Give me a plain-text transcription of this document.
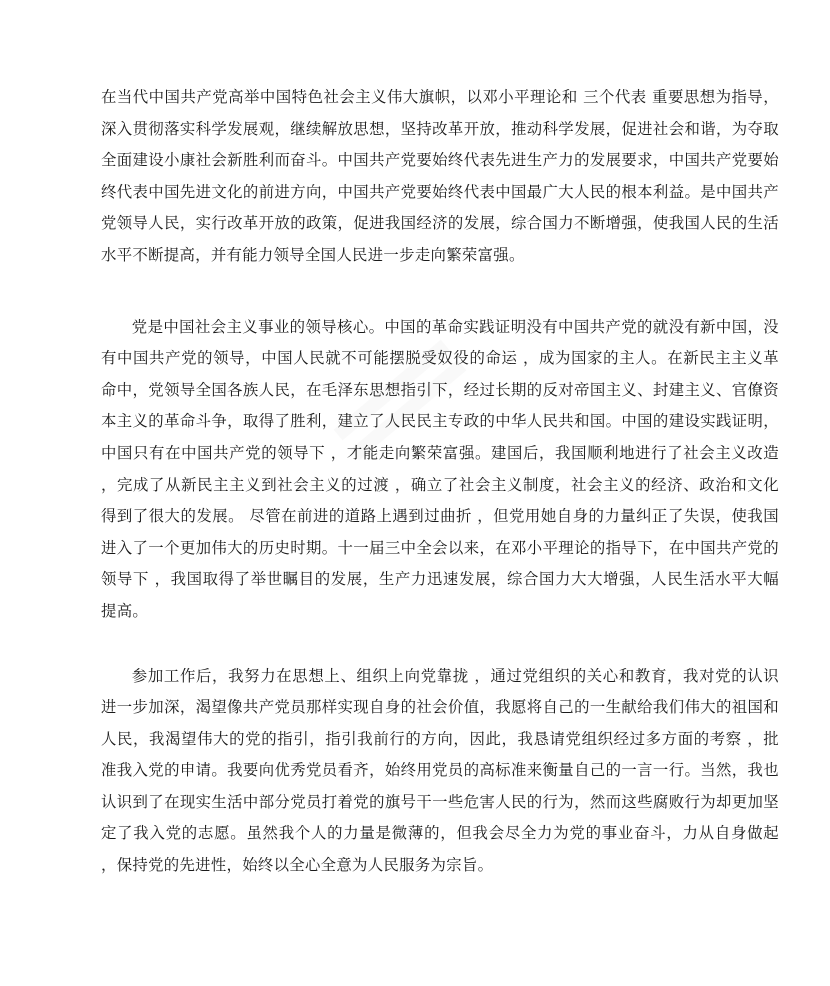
在当代中国共产党高举中国特色社会主义伟大旗帜，以邓小平理论和 三个代表 重要思想为指导，深入贯彻落实科学发展观，继续解放思想，坚持改革开放，推动科学发展，促进社会和谐，为夺取全面建设小康社会新胜利而奋斗。中国共产党要始终代表先进生产力的发展要求，中国共产党要始终代表中国先进文化的前进方向，中国共产党要始终代表中国最广大人民的根本利益。是中国共产党领导人民，实行改革开放的政策，促进我国经济的发展，综合国力不断增强，使我国人民的生活水平不断提高，并有能力领导全国人民进一步走向繁荣富强。

党是中国社会主义事业的领导核心。中国的革命实践证明没有中国共产党的就没有新中国，没有中国共产党的领导，中国人民就不可能摆脱受奴役的命运 ，成为国家的主人。在新民主主义革命中，党领导全国各族人民，在毛泽东思想指引下，经过长期的反对帝国主义、封建主义、官僚资本主义的革命斗争，取得了胜利，建立了人民民主专政的中华人民共和国。中国的建设实践证明，中国只有在中国共产党的领导下 ，才能走向繁荣富强。建国后，我国顺利地进行了社会主义改造 ，完成了从新民主主义到社会主义的过渡 ，确立了社会主义制度，社会主义的经济、政治和文化得到了很大的发展。 尽管在前进的道路上遇到过曲折 ，但党用她自身的力量纠正了失误，使我国进入了一个更加伟大的历史时期。十一届三中全会以来，在邓小平理论的指导下，在中国共产党的领导下 ，我国取得了举世瞩目的发展，生产力迅速发展，综合国力大大增强，人民生活水平大幅提高。

参加工作后，我努力在思想上、组织上向党靠拢 ，通过党组织的关心和教育，我对党的认识进一步加深，渴望像共产党员那样实现自身的社会价值，我愿将自己的一生献给我们伟大的祖国和人民，我渴望伟大的党的指引，指引我前行的方向，因此，我恳请党组织经过多方面的考察 ，批准我入党的申请。我要向优秀党员看齐，始终用党员的高标准来衡量自己的一言一行。当然，我也认识到了在现实生活中部分党员打着党的旗号干一些危害人民的行为，然而这些腐败行为却更加坚定了我入党的志愿。虽然我个人的力量是微薄的，但我会尽全力为党的事业奋斗，力从自身做起 ，保持党的先进性，始终以全心全意为人民服务为宗旨。
